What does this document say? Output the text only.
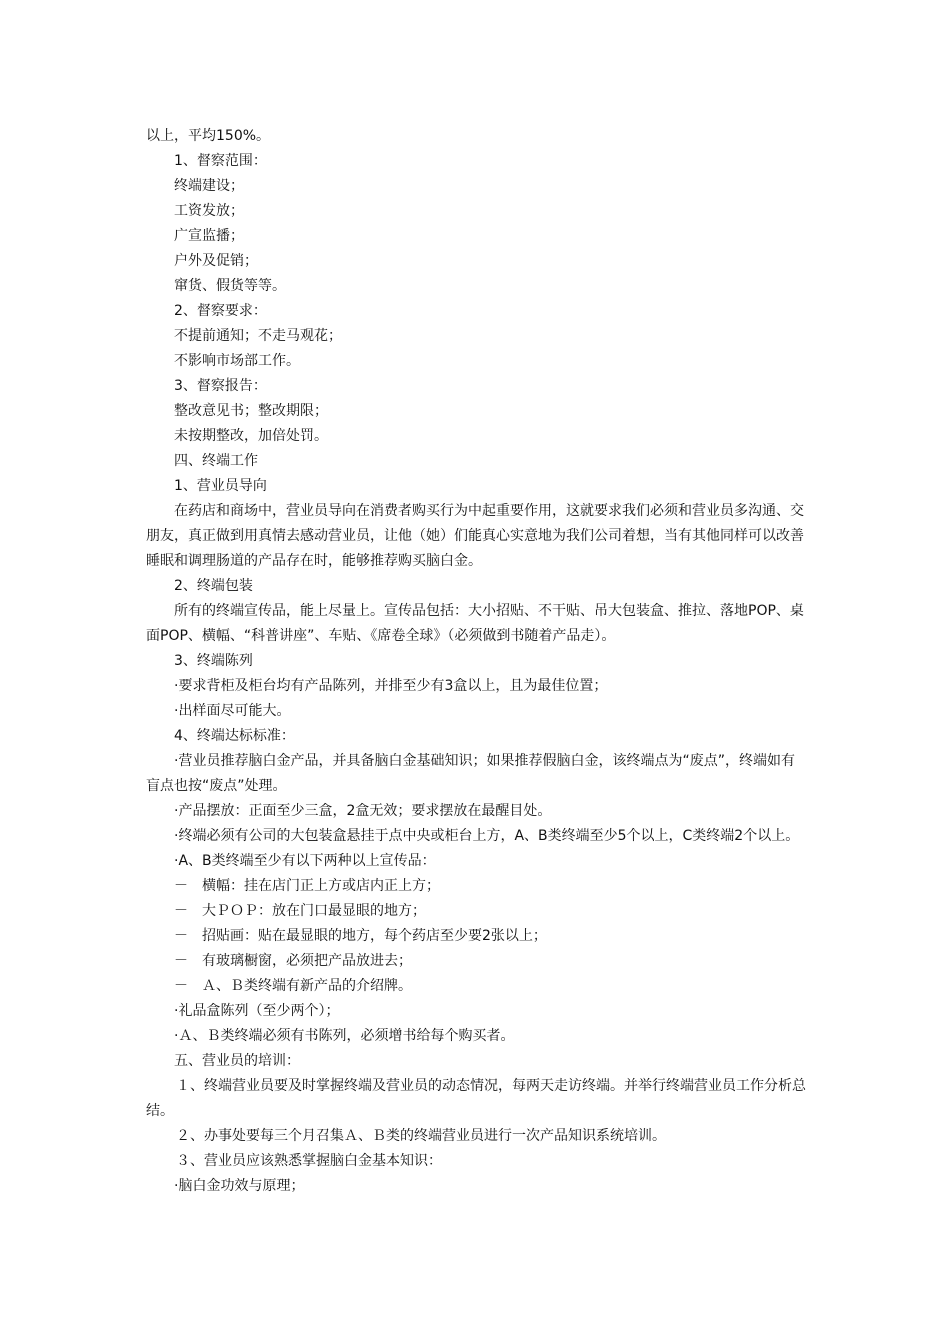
以上，平均150%。

1、督察范围：

终端建设；

工资发放；

广宣监播；

户外及促销；

窜货、假货等等。

2、督察要求：

不提前通知；不走马观花；

不影响市场部工作。

3、督察报告：

整改意见书；整改期限；

未按期整改，加倍处罚。

四、终端工作

1、营业员导向

在药店和商场中，营业员导向在消费者购买行为中起重要作用，这就要求我们必须和营业员多沟通、交朋友，真正做到用真情去感动营业员，让他（她）们能真心实意地为我们公司着想，当有其他同样可以改善睡眠和调理肠道的产品存在时，能够推荐购买脑白金。

2、终端包装

所有的终端宣传品，能上尽量上。宣传品包括：大小招贴、不干贴、吊大包装盒、推拉、落地POP、桌面POP、横幅、“科普讲座”、车贴、《席卷全球》（必须做到书随着产品走）。

3、终端陈列

·要求背柜及柜台均有产品陈列，并排至少有3盒以上，且为最佳位置；

·出样面尽可能大。

4、终端达标标准：

·营业员推荐脑白金产品，并具备脑白金基础知识；如果推荐假脑白金，该终端点为“废点”，终端如有盲点也按“废点”处理。

·产品摆放：正面至少三盒，2盒无效；要求摆放在最醒目处。

·终端必须有公司的大包装盒悬挂于点中央或柜台上方，A、B类终端至少5个以上，C类终端2个以上。

·A、B类终端至少有以下两种以上宣传品：

－　横幅：挂在店门正上方或店内正上方；

－　大ＰＯＰ：放在门口最显眼的地方；

－　招贴画：贴在最显眼的地方，每个药店至少要2张以上；

－　有玻璃橱窗，必须把产品放进去；

－　Ａ、Ｂ类终端有新产品的介绍牌。

·礼品盒陈列（至少两个）；

·Ａ、Ｂ类终端必须有书陈列，必须增书给每个购买者。

五、营业员的培训：

１、终端营业员要及时掌握终端及营业员的动态情况，每两天走访终端。并举行终端营业员工作分析总结。

２、办事处要每三个月召集Ａ、Ｂ类的终端营业员进行一次产品知识系统培训。

３、营业员应该熟悉掌握脑白金基本知识：

·脑白金功效与原理；
